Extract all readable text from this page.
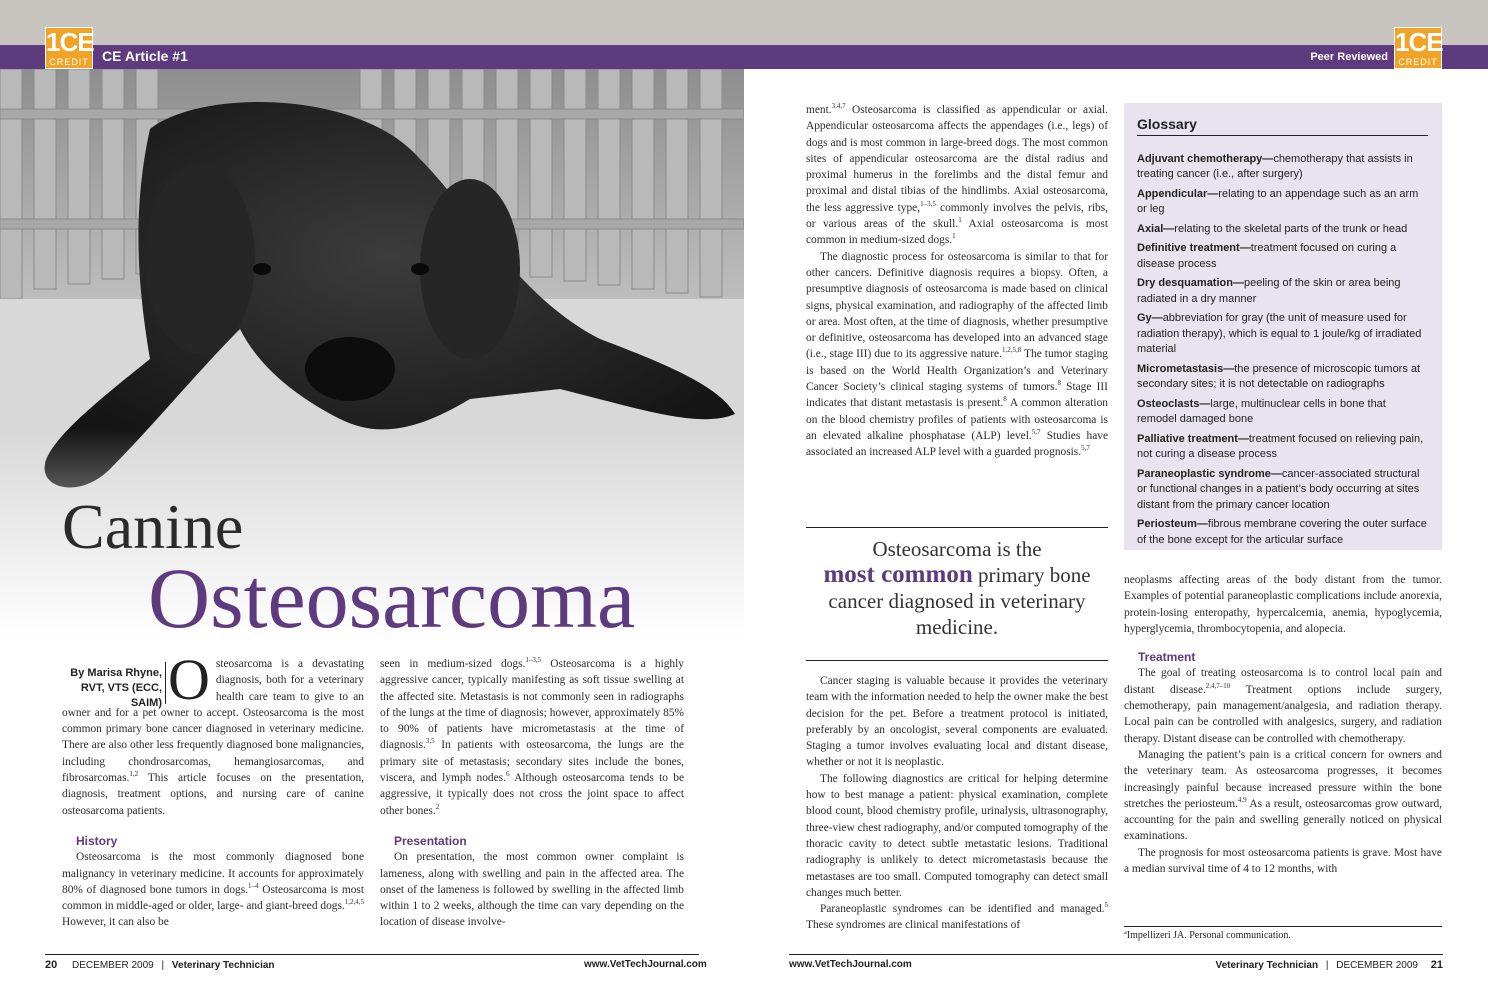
1CE
CREDIT CE Article #1	Peer Reviewed 1CE
CREDIT
Canine
Osteosarcoma
By Marisa Rhyne,
RVT, VTS (ECC, SAIM) Osteosarcoma is a devastating diagnosis, both for a veterinary health care team to give to an owner and for a pet owner to accept. Osteosarcoma is the most common primary bone cancer diagnosed in veterinary medicine. There are also other less frequently diagnosed bone malignancies, including chondrosarcomas, hemangiosarcomas, and fibrosarcomas.$^{1,2}$ This article focuses on the presentation, diagnosis, treatment options, and nursing care of canine osteosarcoma patients.

History

Osteosarcoma is the most commonly diagnosed bone malignancy in veterinary medicine. It accounts for approximately 80% of diagnosed bone tumors in dogs.$^{1-4}$ Osteosarcoma is most common in middle-aged or older, large- and giant-breed dogs.$^{1,2,4,5}$ However, it can also be

seen in medium-sized dogs.$^{1-3,5}$ Osteosarcoma is a highly aggressive cancer, typically manifesting as soft tissue swelling at the affected site. Metastasis is not commonly seen in radiographs of the lungs at the time of diagnosis; however, approximately 85% to 90% of patients have micrometastasis at the time of diagnosis.$^{3,5}$ In patients with osteosarcoma, the lungs are the primary site of metastasis; secondary sites include the bones, viscera, and lymph nodes.$^6$ Although osteosarcoma tends to be aggressive, it typically does not cross the joint space to affect other bones.$^2$

Presentation

On presentation, the most common owner complaint is lameness, along with swelling and pain in the affected area. The onset of the lameness is followed by swelling in the affected limb within 1 to 2 weeks, although the time can vary depending on the location of disease involve-

ment.$^{3,4,7}$ Osteosarcoma is classified as appendicular or axial. Appendicular osteosarcoma affects the appendages (i.e., legs) of dogs and is most common in large-breed dogs. The most common sites of appendicular osteosarcoma are the distal radius and proximal humerus in the forelimbs and the distal femur and proximal and distal tibias of the hindlimbs. Axial osteosarcoma, the less aggressive type,$^{1-3,5}$ commonly involves the pelvis, ribs, or various areas of the skull.$^1$ Axial osteosarcoma is most common in medium-sized dogs.$^1$

The diagnostic process for osteosarcoma is similar to that for other cancers. Definitive diagnosis requires a biopsy. Often, a presumptive diagnosis of osteosarcoma is made based on clinical signs, physical examination, and radiography of the affected limb or area. Most often, at the time of diagnosis, whether presumptive or definitive, osteosarcoma has developed into an advanced stage (i.e., stage III) due to its aggressive nature.$^{1,2,5,8}$ The tumor staging is based on the World Health Organization’s and Veterinary Cancer Society’s clinical staging systems of tumors.$^8$ Stage III indicates that distant metastasis is present.$^8$ A common alteration on the blood chemistry profiles of patients with osteosarcoma is an elevated alkaline phosphatase (ALP) level.$^{5,7}$ Studies have associated an increased ALP level with a guarded prognosis.$^{5,7}$

Osteosarcoma is the
most common primary bone cancer diagnosed in veterinary medicine.

Cancer staging is valuable because it provides the veterinary team with the information needed to help the owner make the best decision for the pet. Before a treatment protocol is initiated, preferably by an oncologist, several components are evaluated. Staging a tumor involves evaluating local and distant disease, whether or not it is neoplastic.

The following diagnostics are critical for helping determine how to best manage a patient: physical examination, complete blood count, blood chemistry profile, urinalysis, ultrasonography, three-view chest radiography, and/or computed tomography of the thoracic cavity to detect subtle metastatic lesions. Traditional radiography is unlikely to detect micrometastasis because the metastases are too small. Computed tomography can detect small changes much better.

Paraneoplastic syndromes can be identified and managed.$^5$ These syndromes are clinical manifestations of

Glossary
Adjuvant chemotherapy—chemotherapy that assists in treating cancer (i.e., after surgery)
Appendicular—relating to an appendage such as an arm or leg
Axial—relating to the skeletal parts of the trunk or head
Definitive treatment—treatment focused on curing a disease process
Dry desquamation—peeling of the skin or area being radiated in a dry manner
Gy—abbreviation for gray (the unit of measure used for radiation therapy), which is equal to 1 joule/kg of irradiated material
Micrometastasis—the presence of microscopic tumors at secondary sites; it is not detectable on radiographs
Osteoclasts—large, multinuclear cells in bone that remodel damaged bone
Palliative treatment—treatment focused on relieving pain, not curing a disease process
Paraneoplastic syndrome—cancer-associated structural or functional changes in a patient’s body occurring at sites distant from the primary cancer location
Periosteum—fibrous membrane covering the outer surface of the bone except for the articular surface

neoplasms affecting areas of the body distant from the tumor. Examples of potential paraneoplastic complications include anorexia, protein-losing enteropathy, hypercalcemia, anemia, hypoglycemia, hyperglycemia, thrombocytopenia, and alopecia.

Treatment

The goal of treating osteosarcoma is to control local pain and distant disease.$^{2,4,7-10}$ Treatment options include surgery, chemotherapy, pain management/analgesia, and radiation therapy. Local pain can be controlled with analgesics, surgery, and radiation therapy. Distant disease can be controlled with chemotherapy.

Managing the patient’s pain is a critical concern for owners and the veterinary team. As osteosarcoma progresses, it becomes increasingly painful because increased pressure within the bone stretches the periosteum.$^{4,9}$ As a result, osteosarcomas grow outward, accounting for the pain and swelling generally noticed on physical examinations.

The prognosis for most osteosarcoma patients is grave. Most have a median survival time of 4 to 12 months, with

ªImpellizeri JA. Personal communication.
20 DECEMBER 2009 | Veterinary Technician	www.VetTechJournal.com	www.VetTechJournal.com	Veterinary Technician | DECEMBER 2009 21
